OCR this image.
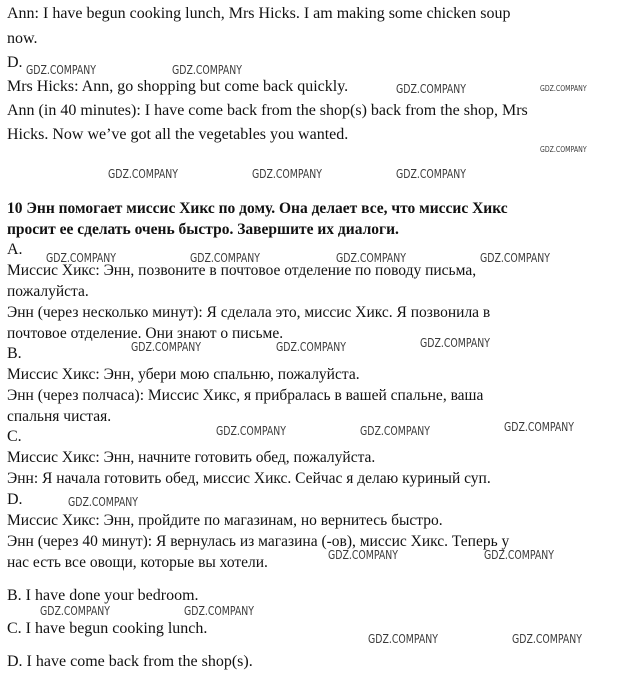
Ann: I have begun cooking lunch, Mrs Hicks. I am making some chicken soup
now.
D.
Mrs Hicks: Ann, go shopping but come back quickly.
Ann (in 40 minutes): I have come back from the shop(s) back from the shop, Mrs
Hicks. Now we’ve got all the vegetables you wanted.
10 Энн помогает миссис Хикс по дому. Она делает все, что миссис Хикс
просит ее сделать очень быстро. Завершите их диалоги.
A.
Миссис Хикс: Энн, позвоните в почтовое отделение по поводу письма,
пожалуйста.
Энн (через несколько минут): Я сделала это, миссис Хикс. Я позвонила в
почтовое отделение. Они знают о письме.
B.
Миссис Хикс: Энн, убери мою спальню, пожалуйста.
Энн (через полчаса): Миссис Хикс, я прибралась в вашей спальне, ваша
спальня чистая.
C.
Миссис Хикс: Энн, начните готовить обед, пожалуйста.
Энн: Я начала готовить обед, миссис Хикс. Сейчас я делаю куриный суп.
D.
Миссис Хикс: Энн, пройдите по магазинам, но вернитесь быстро.
Энн (через 40 минут): Я вернулась из магазина (-ов), миссис Хикс. Теперь у
нас есть все овощи, которые вы хотели.
B. I have done your bedroom.
C. I have begun cooking lunch.
D. I have come back from the shop(s).
GDZ.COMPANY	GDZ.COMPANY
GDZ.COMPANY	GDZ.COMPANY
GDZ.COMPANY
GDZ.COMPANY	GDZ.COMPANY	GDZ.COMPANY
GDZ.COMPANY	GDZ.COMPANY	GDZ.COMPANY	GDZ.COMPANY
GDZ.COMPANY	GDZ.COMPANY	GDZ.COMPANY
GDZ.COMPANY	GDZ.COMPANY	GDZ.COMPANY
GDZ.COMPANY
GDZ.COMPANY	GDZ.COMPANY
GDZ.COMPANY	GDZ.COMPANY
GDZ.COMPANY	GDZ.COMPANY
